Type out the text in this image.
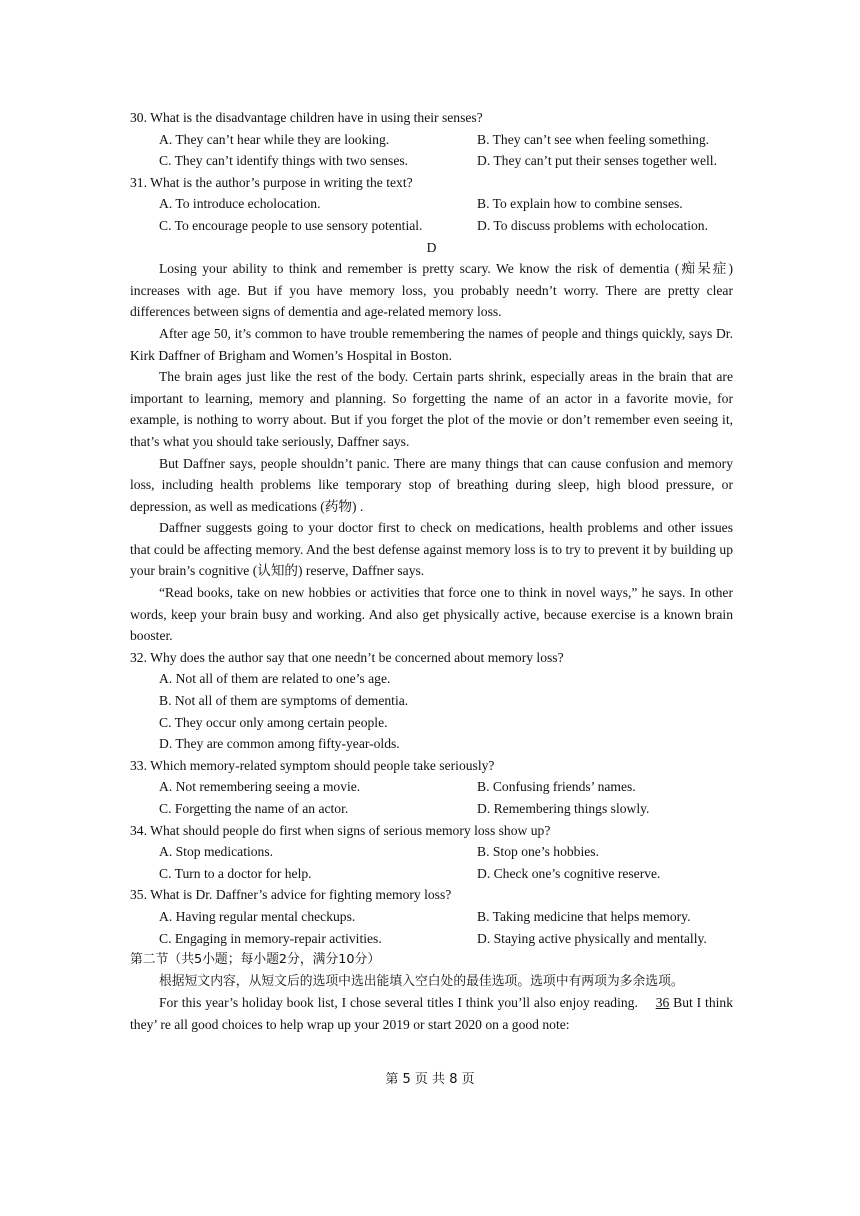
30. What is the disadvantage children have in using their senses?
A. They can’t hear while they are looking.	B. They can’t see when feeling something.
C. They can’t identify things with two senses.	D. They can’t put their senses together well.
31. What is the author’s purpose in writing the text?
A. To introduce echolocation.	B. To explain how to combine senses.
C. To encourage people to use sensory potential.	D. To discuss problems with echolocation.
D
Losing your ability to think and remember is pretty scary. We know the risk of dementia (痴呆症) increases with age. But if you have memory loss, you probably needn’t worry. There are pretty clear differences between signs of dementia and age-related memory loss.
After age 50, it’s common to have trouble remembering the names of people and things quickly, says Dr. Kirk Daffner of Brigham and Women’s Hospital in Boston.
The brain ages just like the rest of the body. Certain parts shrink, especially areas in the brain that are important to learning, memory and planning. So forgetting the name of an actor in a favorite movie, for example, is nothing to worry about. But if you forget the plot of the movie or don’t remember even seeing it, that’s what you should take seriously, Daffner says.
But Daffner says, people shouldn’t panic. There are many things that can cause confusion and memory loss, including health problems like temporary stop of breathing during sleep, high blood pressure, or depression, as well as medications (药物) .
Daffner suggests going to your doctor first to check on medications, health problems and other issues that could be affecting memory. And the best defense against memory loss is to try to prevent it by building up your brain’s cognitive (认知的) reserve, Daffner says.
“Read books, take on new hobbies or activities that force one to think in novel ways,” he says. In other words, keep your brain busy and working. And also get physically active, because exercise is a known brain booster.
32. Why does the author say that one needn’t be concerned about memory loss?
A. Not all of them are related to one’s age.
B. Not all of them are symptoms of dementia.
C. They occur only among certain people.
D. They are common among fifty-year-olds.
33. Which memory-related symptom should people take seriously?
A. Not remembering seeing a movie.	B. Confusing friends’ names.
C. Forgetting the name of an actor.	D. Remembering things slowly.
34. What should people do first when signs of serious memory loss show up?
A. Stop medications.	B. Stop one’s hobbies.
C. Turn to a doctor for help.	D. Check one’s cognitive reserve.
35. What is Dr. Daffner’s advice for fighting memory loss?
A. Having regular mental checkups.	B. Taking medicine that helps memory.
C. Engaging in memory-repair activities.	D. Staying active physically and mentally.
第二节（共5小题；每小题2分，满分10分）
根据短文内容，从短文后的选项中选出能填入空白处的最佳选项。选项中有两项为多余选项。
For this year’s holiday book list, I chose several titles I think you’ll also enjoy reading. 36 But I think they’ re all good choices to help wrap up your 2019 or start 2020 on a good note:
第 5 页 共 8 页
